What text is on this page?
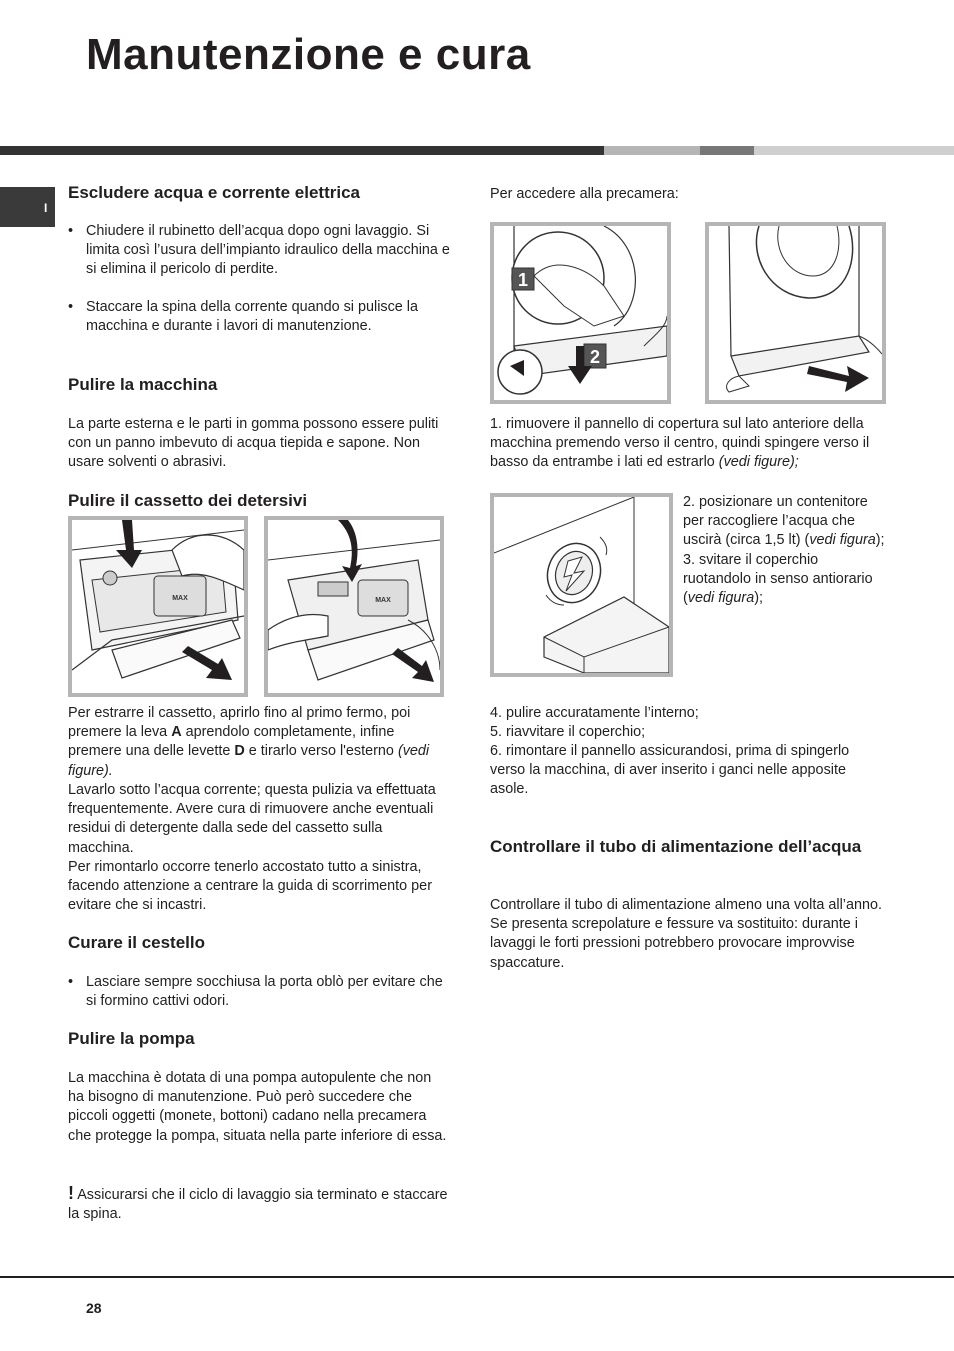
Manutenzione e cura
I
Escludere acqua e corrente elettrica
• Chiudere il rubinetto dell’acqua dopo ogni lavaggio. Si limita così l’usura dell’impianto idraulico della macchina e si elimina il pericolo di perdite.
• Staccare la spina della corrente quando si pulisce la macchina e durante i lavori di manutenzione.
Pulire la macchina

La parte esterna e le parti in gomma possono essere puliti con un panno imbevuto di acqua tiepida e sapone. Non usare solventi o abrasivi.

Pulire il cassetto dei detersivi

Per estrarre il cassetto, aprirlo fino al primo fermo, poi premere la leva A aprendolo completamente, infine premere una delle levette D e tirarlo verso l'esterno (vedi figure).

Lavarlo sotto l’acqua corrente; questa pulizia va effettuata frequentemente. Avere cura di rimuovere anche eventuali residui di detergente dalla sede del cassetto sulla macchina.

Per rimontarlo occorre tenerlo accostato tutto a sinistra, facendo attenzione a centrare la guida di scorrimento per evitare che si incastri.

Curare il cestello
• Lasciare sempre socchiusa la porta oblò per evitare che si formino cattivi odori.
Pulire la pompa

La macchina è dotata di una pompa autopulente che non ha bisogno di manutenzione. Può però succedere che piccoli oggetti (monete, bottoni) cadano nella precamera che protegge la pompa, situata nella parte inferiore di essa.

! Assicurarsi che il ciclo di lavaggio sia terminato e staccare la spina.

MAX	MAX

Per accedere alla precamera:

1. rimuovere il pannello di copertura sul lato anteriore della macchina premendo verso il centro, quindi spingere verso il basso da entrambe i lati ed estrarlo (vedi figure);

2. posizionare un contenitore per raccogliere l’acqua che uscirà (circa 1,5 lt) (vedi figura);

3. svitare il coperchio ruotandolo in senso antiorario (vedi figura);

4. pulire accuratamente l’interno;

5. riavvitare il coperchio;

6. rimontare il pannello assicurandosi, prima di spingerlo verso la macchina, di aver inserito i ganci nelle apposite asole.

Controllare il tubo di alimentazione dell’acqua

Controllare il tubo di alimentazione almeno una volta all’anno. Se presenta screpolature e fessure va sostituito: durante i lavaggi le forti pressioni potrebbero provocare improvvise spaccature.

1
2
28
